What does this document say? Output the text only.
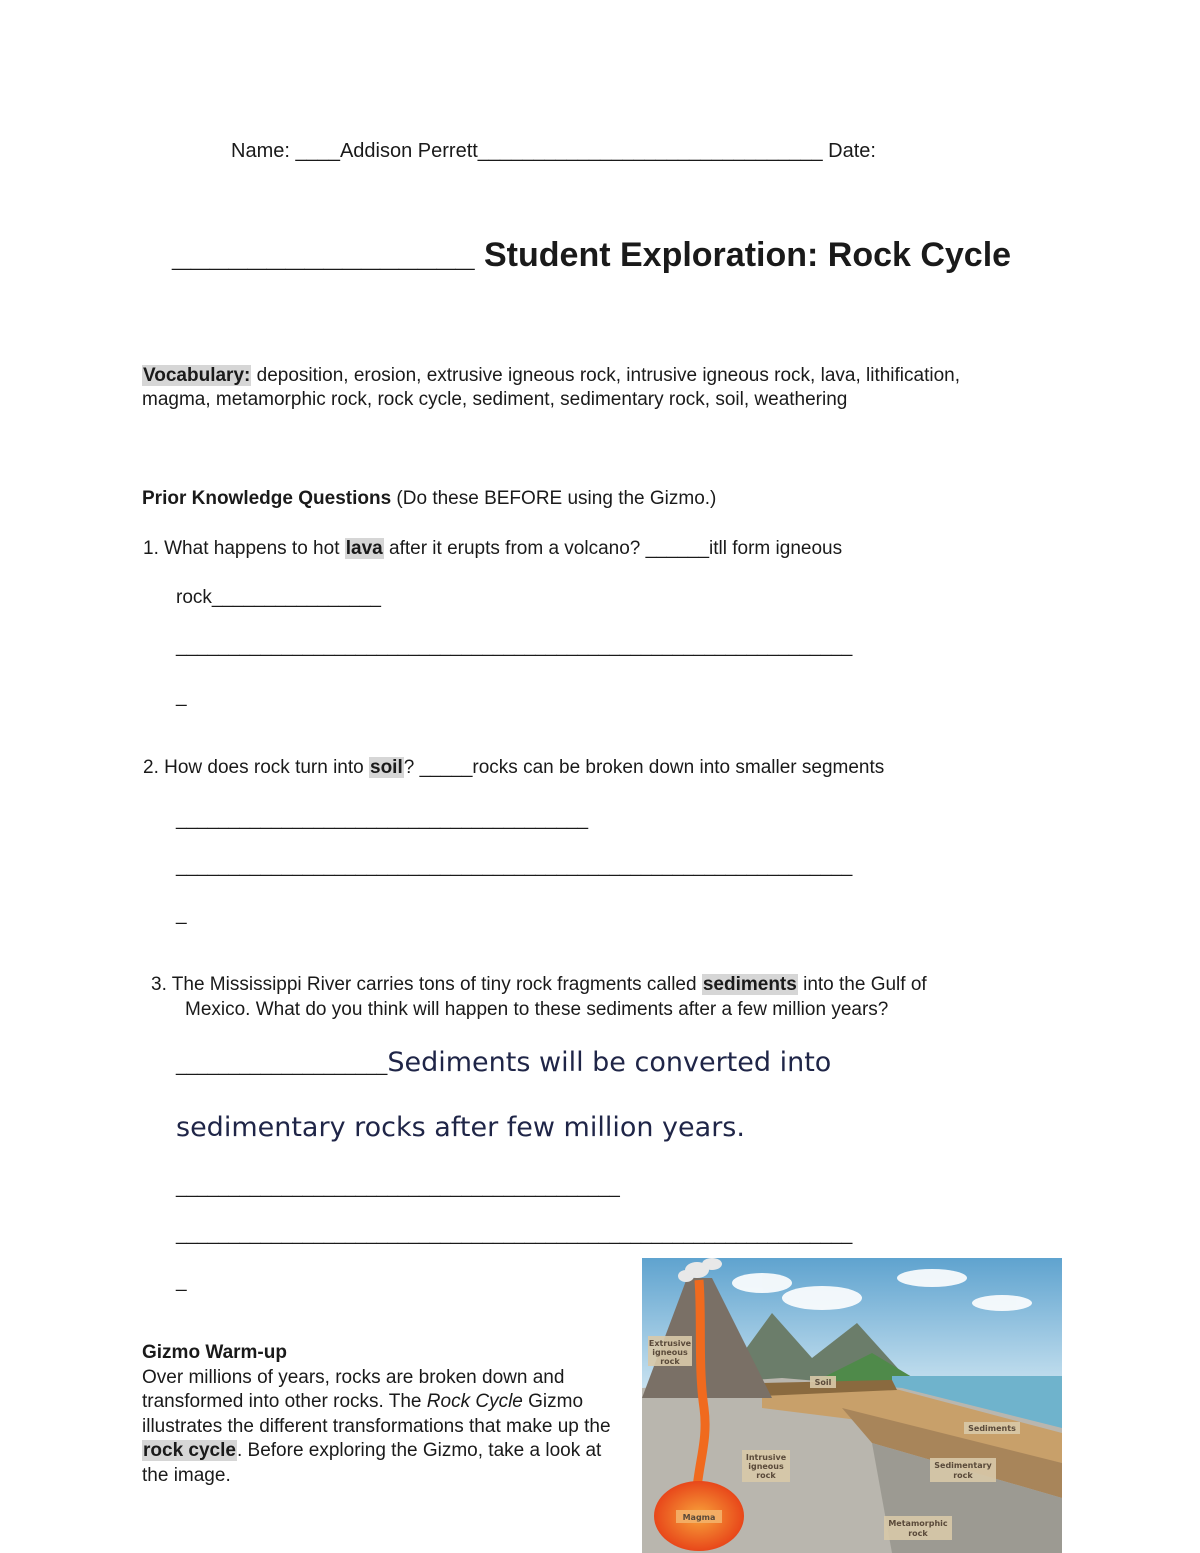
Name: ____Addison Perrett_______________________________ Date:
________________ Student Exploration: Rock Cycle
Vocabulary: deposition, erosion, extrusive igneous rock, intrusive igneous rock, lava, lithification, magma, metamorphic rock, rock cycle, sediment, sedimentary rock, soil, weathering
Prior Knowledge Questions (Do these BEFORE using the Gizmo.)
1. What happens to hot lava after it erupts from a volcano? ______itll form igneous
rock________________
________________________________________________________________
_
2. How does rock turn into soil? _____rocks can be broken down into smaller segments
_______________________________________
________________________________________________________________
_
3. The Mississippi River carries tons of tiny rock fragments called sediments into the Gulf of
Mexico. What do you think will happen to these sediments after a few million years?
____________________Sediments will be converted into
sedimentary rocks after few million years.
__________________________________________
________________________________________________________________
_
Gizmo Warm-up
Over millions of years, rocks are broken down and transformed into other rocks. The Rock Cycle Gizmo illustrates the different transformations that make up the rock cycle. Before exploring the Gizmo, take a look at the image.
Extrusive
igneous
rock
Soil
Sediments
Intrusive
igneous
rock
Sedimentary
rock
Magma
Metamorphic
rock
